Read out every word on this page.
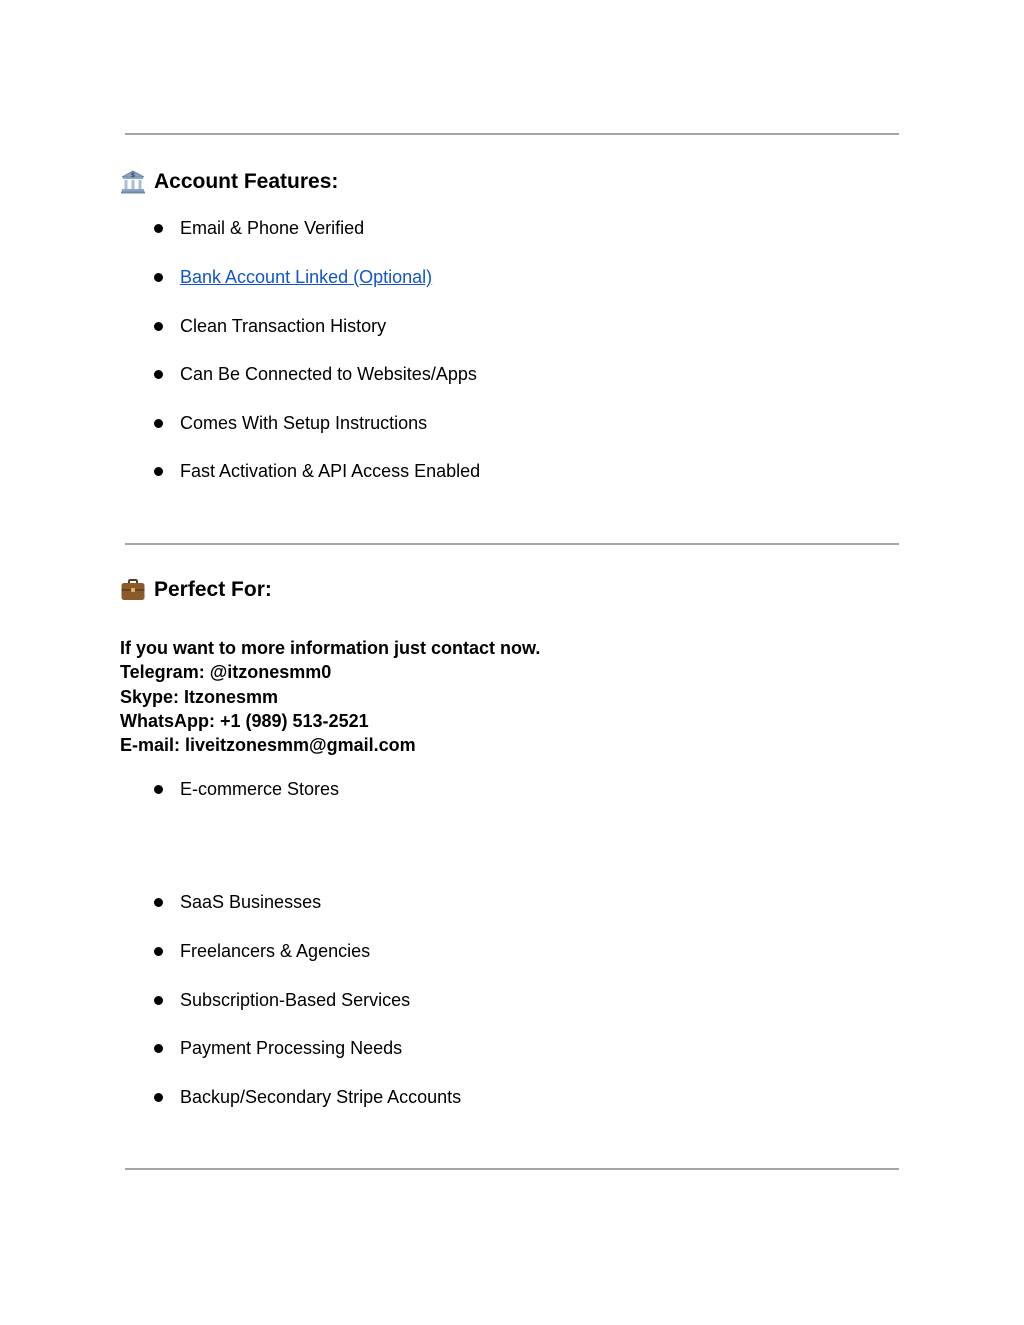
$ Account Features:
Email & Phone Verified
Bank Account Linked (Optional)
Clean Transaction History
Can Be Connected to Websites/Apps
Comes With Setup Instructions
Fast Activation & API Access Enabled
Perfect For:
If you want to more information just contact now.
Telegram: @itzonesmm0
Skype: Itzonesmm
WhatsApp: +1 (989) 513-2521
E-mail: liveitzonesmm@gmail.com
E-commerce Stores
SaaS Businesses
Freelancers & Agencies
Subscription-Based Services
Payment Processing Needs
Backup/Secondary Stripe Accounts
